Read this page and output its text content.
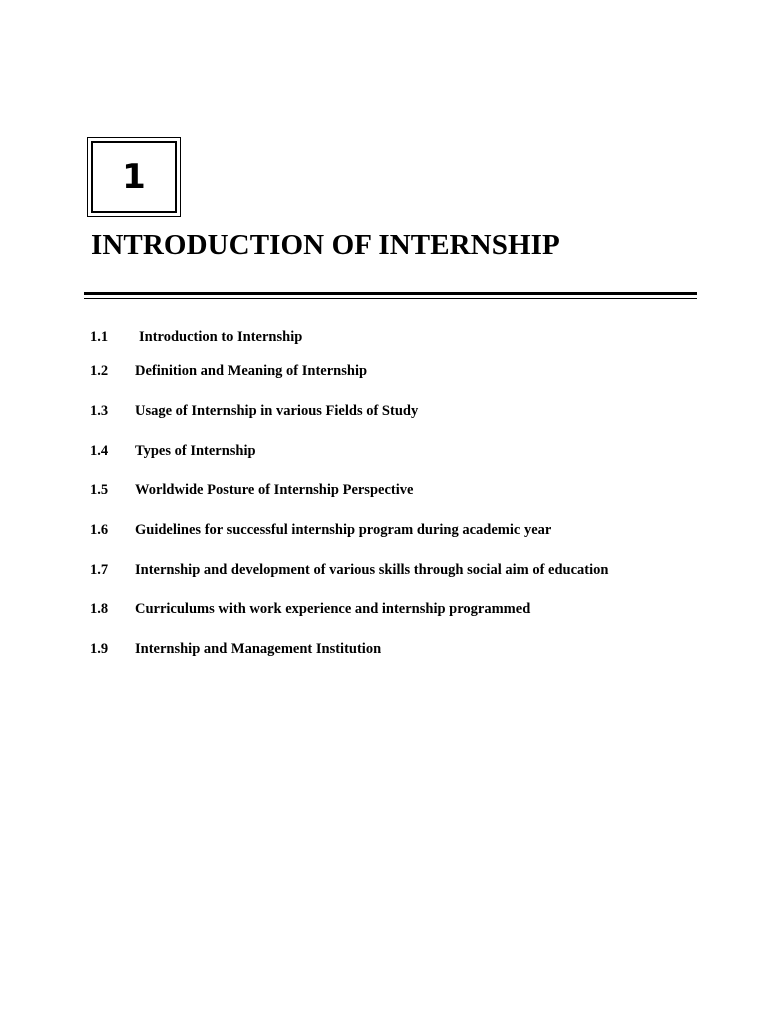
1
INTRODUCTION OF INTERNSHIP
1.1 Introduction to Internship
1.2 Definition and Meaning of Internship
1.3 Usage of Internship in various Fields of Study
1.4 Types of Internship
1.5 Worldwide Posture of Internship Perspective
1.6 Guidelines for successful internship program during academic year
1.7 Internship and development of various skills through social aim of education
1.8 Curriculums with work experience and internship programmed
1.9 Internship and Management Institution
